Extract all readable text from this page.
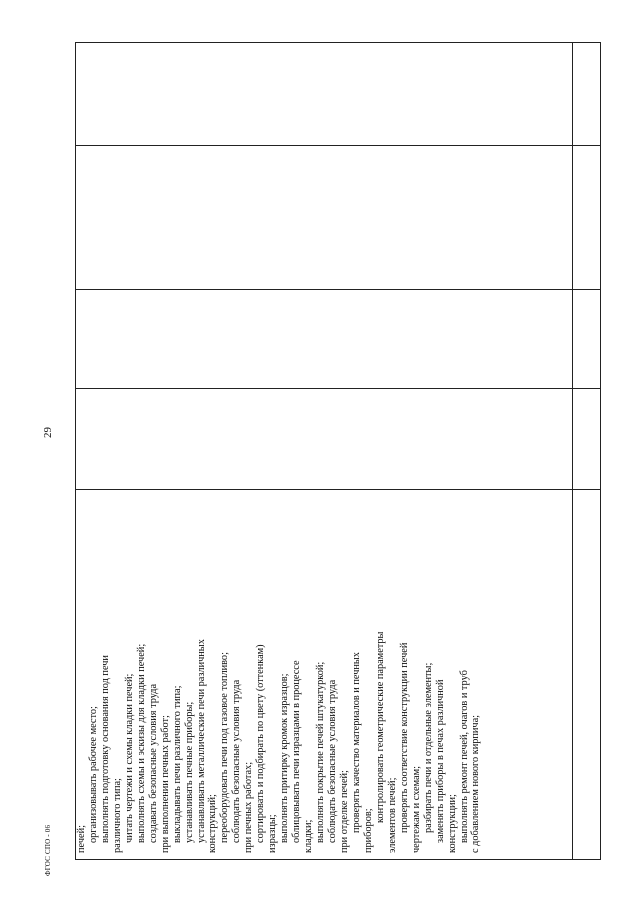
29
печей; организовывать рабочее место; выполнять подготовку основания под печи различного типа; читать чертежи и схемы кладки печей; выполнять схемы и эскизы для кладки печей; создавать безопасные условия труда при выполнении печных работ; выкладывать печи различного типа; устанавливать печные приборы; устанавливать металлические печи различных конструкций; переоборудовать печи под газовое топливо; соблюдать безопасные условия труда при печных работах; сортировать и подбирать по цвету (оттенкам) изразцы; выполнять притирку кромок изразцов; облицовывать печи изразцами в процессе кладки; выполнять покрытие печей штукатуркой; соблюдать безопасные условия труда при отделке печей; проверять качество материалов и печных приборов;
контролировать геометрические параметры элементов печей; проверять соответствие конструкции печей чертежам и схемам; разбирать печи и отдельные элементы; заменять приборы в печах различной конструкции; выполнять ремонт печей, очагов и труб с добавлением нового кирпича;
ФГОС СПО - 06
